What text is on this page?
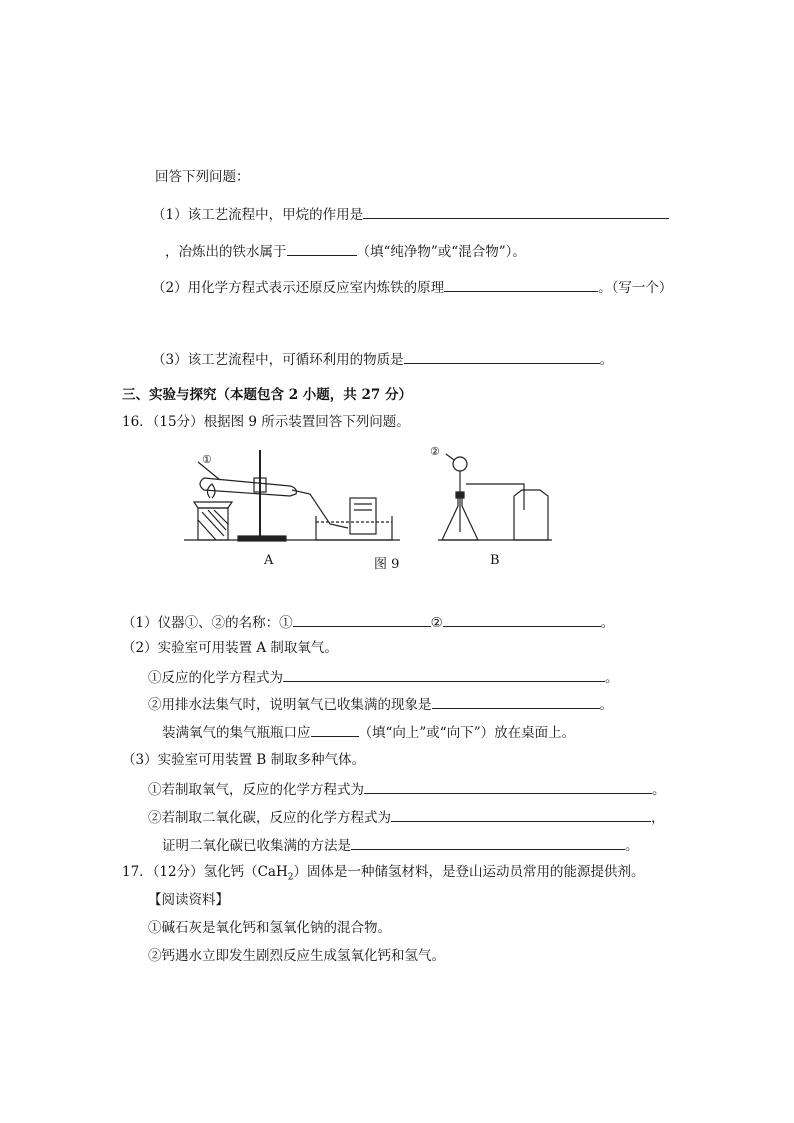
回答下列问题：
（1）该工艺流程中，甲烷的作用是
，冶炼出的铁水属于	（填“纯净物”或“混合物”）。
（2）用化学方程式表示还原反应室内炼铁的原理	。（写一个）
（3）该工艺流程中，可循环利用的物质是	。
三、实验与探究（本题包含 2 小题，共 27 分）
16．（15分）根据图 9 所示装置回答下列问题。
①
②
A	图 9	B
（1）仪器①、②的名称：①	②	。
（2）实验室可用装置 A 制取氧气。
①反应的化学方程式为	。
②用排水法集气时，说明氧气已收集满的现象是	。
装满氧气的集气瓶瓶口应	（填“向上”或“向下”）放在桌面上。
（3）实验室可用装置 B 制取多种气体。
①若制取氧气，反应的化学方程式为	。
②若制取二氧化碳，反应的化学方程式为	，
证明二氧化碳已收集满的方法是	。
17．（12分）氢化钙（CaH$_2$）固体是一种储氢材料，是登山运动员常用的能源提供剂。
【阅读资料】
①碱石灰是氧化钙和氢氧化钠的混合物。
②钙遇水立即发生剧烈反应生成氢氧化钙和氢气。
